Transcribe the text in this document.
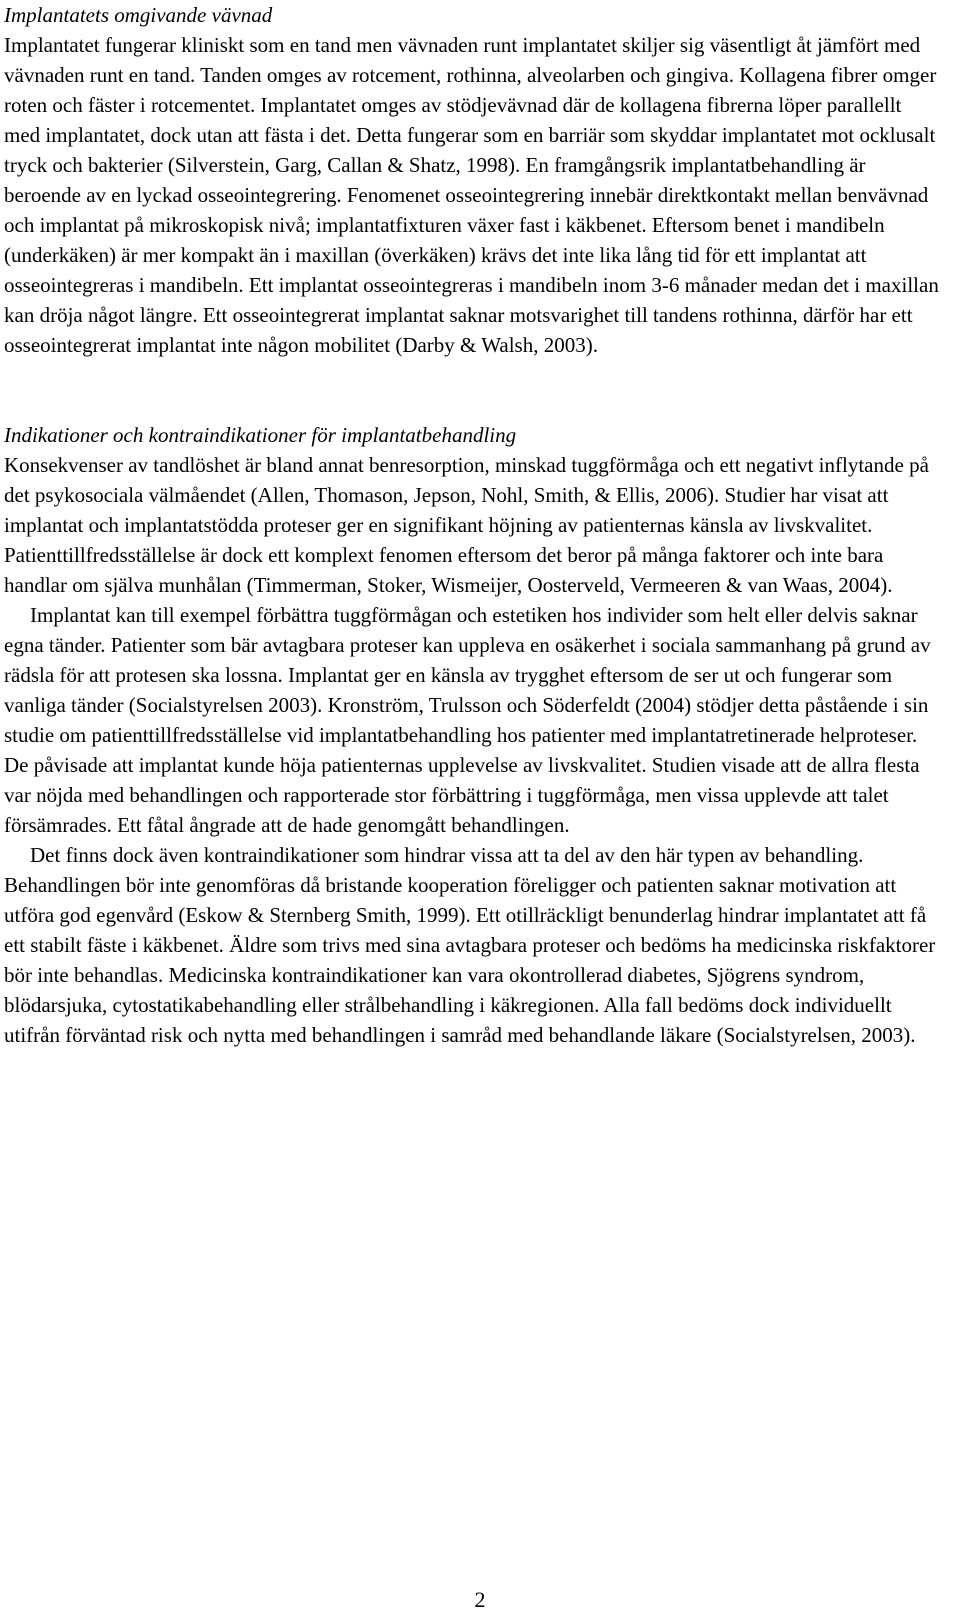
Implantatets omgivande vävnad

Implantatet fungerar kliniskt som en tand men vävnaden runt implantatet skiljer sig väsentligt åt jämfört med vävnaden runt en tand. Tanden omges av rotcement, rothinna, alveolarben och gingiva. Kollagena fibrer omger roten och fäster i rotcementet. Implantatet omges av stödjevävnad där de kollagena fibrerna löper parallellt med implantatet, dock utan att fästa i det. Detta fungerar som en barriär som skyddar implantatet mot ocklusalt tryck och bakterier (Silverstein, Garg, Callan & Shatz, 1998). En framgångsrik implantatbehandling är beroende av en lyckad osseointegrering. Fenomenet osseointegrering innebär direktkontakt mellan benvävnad och implantat på mikroskopisk nivå; implantatfixturen växer fast i käkbenet. Eftersom benet i mandibeln (underkäken) är mer kompakt än i maxillan (överkäken) krävs det inte lika lång tid för ett implantat att osseointegreras i mandibeln. Ett implantat osseointegreras i mandibeln inom 3-6 månader medan det i maxillan kan dröja något längre. Ett osseointegrerat implantat saknar motsvarighet till tandens rothinna, därför har ett osseointegrerat implantat inte någon mobilitet (Darby & Walsh, 2003).

Indikationer och kontraindikationer för implantatbehandling

Konsekvenser av tandlöshet är bland annat benresorption, minskad tuggförmåga och ett negativt inflytande på det psykosociala välmåendet (Allen, Thomason, Jepson, Nohl, Smith, & Ellis, 2006). Studier har visat att implantat och implantatstödda proteser ger en signifikant höjning av patienternas känsla av livskvalitet. Patienttillfredsställelse är dock ett komplext fenomen eftersom det beror på många faktorer och inte bara handlar om själva munhålan (Timmerman, Stoker, Wismeijer, Oosterveld, Vermeeren & van Waas, 2004).

Implantat kan till exempel förbättra tuggförmågan och estetiken hos individer som helt eller delvis saknar egna tänder. Patienter som bär avtagbara proteser kan uppleva en osäkerhet i sociala sammanhang på grund av rädsla för att protesen ska lossna. Implantat ger en känsla av trygghet eftersom de ser ut och fungerar som vanliga tänder (Socialstyrelsen 2003). Kronström, Trulsson och Söderfeldt (2004) stödjer detta påstående i sin studie om patienttillfredsställelse vid implantatbehandling hos patienter med implantatretinerade helproteser. De påvisade att implantat kunde höja patienternas upplevelse av livskvalitet. Studien visade att de allra flesta var nöjda med behandlingen och rapporterade stor förbättring i tuggförmåga, men vissa upplevde att talet försämrades. Ett fåtal ångrade att de hade genomgått behandlingen.

Det finns dock även kontraindikationer som hindrar vissa att ta del av den här typen av behandling. Behandlingen bör inte genomföras då bristande kooperation föreligger och patienten saknar motivation att utföra god egenvård (Eskow & Sternberg Smith, 1999). Ett otillräckligt benunderlag hindrar implantatet att få ett stabilt fäste i käkbenet. Äldre som trivs med sina avtagbara proteser och bedöms ha medicinska riskfaktorer bör inte behandlas. Medicinska kontraindikationer kan vara okontrollerad diabetes, Sjögrens syndrom, blödarsjuka, cytostatikabehandling eller strålbehandling i käkregionen. Alla fall bedöms dock individuellt utifrån förväntad risk och nytta med behandlingen i samråd med behandlande läkare (Socialstyrelsen, 2003).

2
